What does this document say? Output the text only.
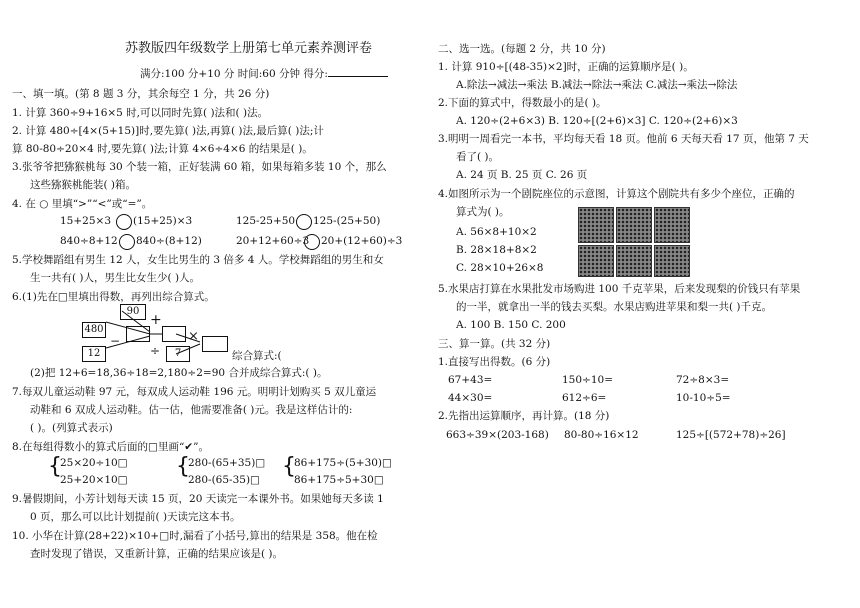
苏教版四年级数学上册第七单元素养测评卷
满分:100 分+10 分 时间:60 分钟 得分:
一、填一填。(第 8 题 3 分，其余每空 1 分，共 26 分)
1. 计算 360÷9+16×5 时,可以同时先算( )法和( )法。
2. 计算 480÷[4×(5+15)]时,要先算( )法,再算( )法,最后算( )法;计
算 80-80÷20×4 时,要先算( )法;计算 4×6÷4×6 的结果是( )。
3.张爷爷把猕猴桃每 30 个装一箱，正好装满 60 箱，如果每箱多装 10 个，那么
这些猕猴桃能装( )箱。
4. 在 ○ 里填“>”“<”或“=”。
15+25×3 (15+25)×3	125-25+50 125-(25+50)
840÷8+12 840÷(8+12)	20+12+60÷3 20+(12+60)÷3
5.学校舞蹈组有男生 12 人，女生比男生的 3 倍多 4 人。学校舞蹈组的男生和女
生一共有( )人，男生比女生少( )人。
6.(1)先在□里填出得数，再列出综合算式。
480
90
12	7
+
−	×
÷	综合算式:(
(2)把 12+6=18,36÷18=2,180÷2=90 合并成综合算式:( )。
7.每双儿童运动鞋 97 元，每双成人运动鞋 196 元。明明计划购买 5 双儿童运
动鞋和 6 双成人运动鞋。估一估，他需要准备( )元。我是这样估计的:
( )。(列算式表示)
8.在每组得数小的算式后面的□里画“✔”。
{
25×20÷10□
25+20×10□
{
280-(65+35)□
280-(65-35)□
{
86+175÷(5+30)□
86+175÷5+30□
9.暑假期间，小芳计划每天读 15 页，20 天读完一本课外书。如果她每天多读 1
0 页，那么可以比计划提前( )天读完这本书。
10. 小华在计算(28+22)×10+□时,漏看了小括号,算出的结果是 358。他在检
查时发现了错误，又重新计算，正确的结果应该是( )。
二、选一选。(每题 2 分，共 10 分)
1. 计算 910÷[(48-35)×2]时，正确的运算顺序是( )。
A.除法→减法→乘法 B.减法→除法→乘法 C.减法→乘法→除法
2.下面的算式中，得数最小的是( )。
A. 120÷(2+6×3) B. 120÷[(2+6)×3] C. 120÷(2+6)×3
3.明明一周看完一本书，平均每天看 18 页。他前 6 天每天看 17 页，他第 7 天
看了( )。
A. 24 页 B. 25 页 C. 26 页
4.如图所示为一个剧院座位的示意图，计算这个剧院共有多少个座位，正确的
算式为( )。
A. 56×8+10×2
B. 28×18+8×2
C. 28×10+26×8
5.水果店打算在水果批发市场购进 100 千克苹果，后来发现梨的价钱只有苹果
的一半，就拿出一半的钱去买梨。水果店购进苹果和梨一共( )千克。
A. 100 B. 150 C. 200
三、算一算。(共 32 分)
1.直接写出得数。(6 分)
67+43=	150÷10=	72÷8×3=
44×30=	612÷6=	10-10÷5=
2.先指出运算顺序，再计算。(18 分)
663÷39×(203-168) 80-80÷16×12	125÷[(572+78)÷26]
